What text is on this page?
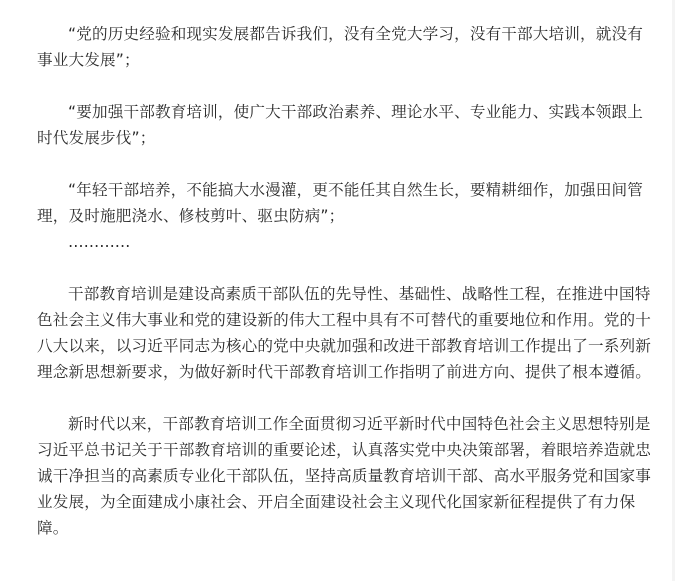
“党的历史经验和现实发展都告诉我们，没有全党大学习，没有干部大培训，就没有事业大发展”；

“要加强干部教育培训，使广大干部政治素养、理论水平、专业能力、实践本领跟上时代发展步伐”；

“年轻干部培养，不能搞大水漫灌，更不能任其自然生长，要精耕细作，加强田间管理，及时施肥浇水、修枝剪叶、驱虫防病”；

…………

干部教育培训是建设高素质干部队伍的先导性、基础性、战略性工程，在推进中国特色社会主义伟大事业和党的建设新的伟大工程中具有不可替代的重要地位和作用。党的十八大以来，以习近平同志为核心的党中央就加强和改进干部教育培训工作提出了一系列新理念新思想新要求，为做好新时代干部教育培训工作指明了前进方向、提供了根本遵循。

新时代以来，干部教育培训工作全面贯彻习近平新时代中国特色社会主义思想特别是习近平总书记关于干部教育培训的重要论述，认真落实党中央决策部署，着眼培养造就忠诚干净担当的高素质专业化干部队伍，坚持高质量教育培训干部、高水平服务党和国家事业发展，为全面建成小康社会、开启全面建设社会主义现代化国家新征程提供了有力保障。
